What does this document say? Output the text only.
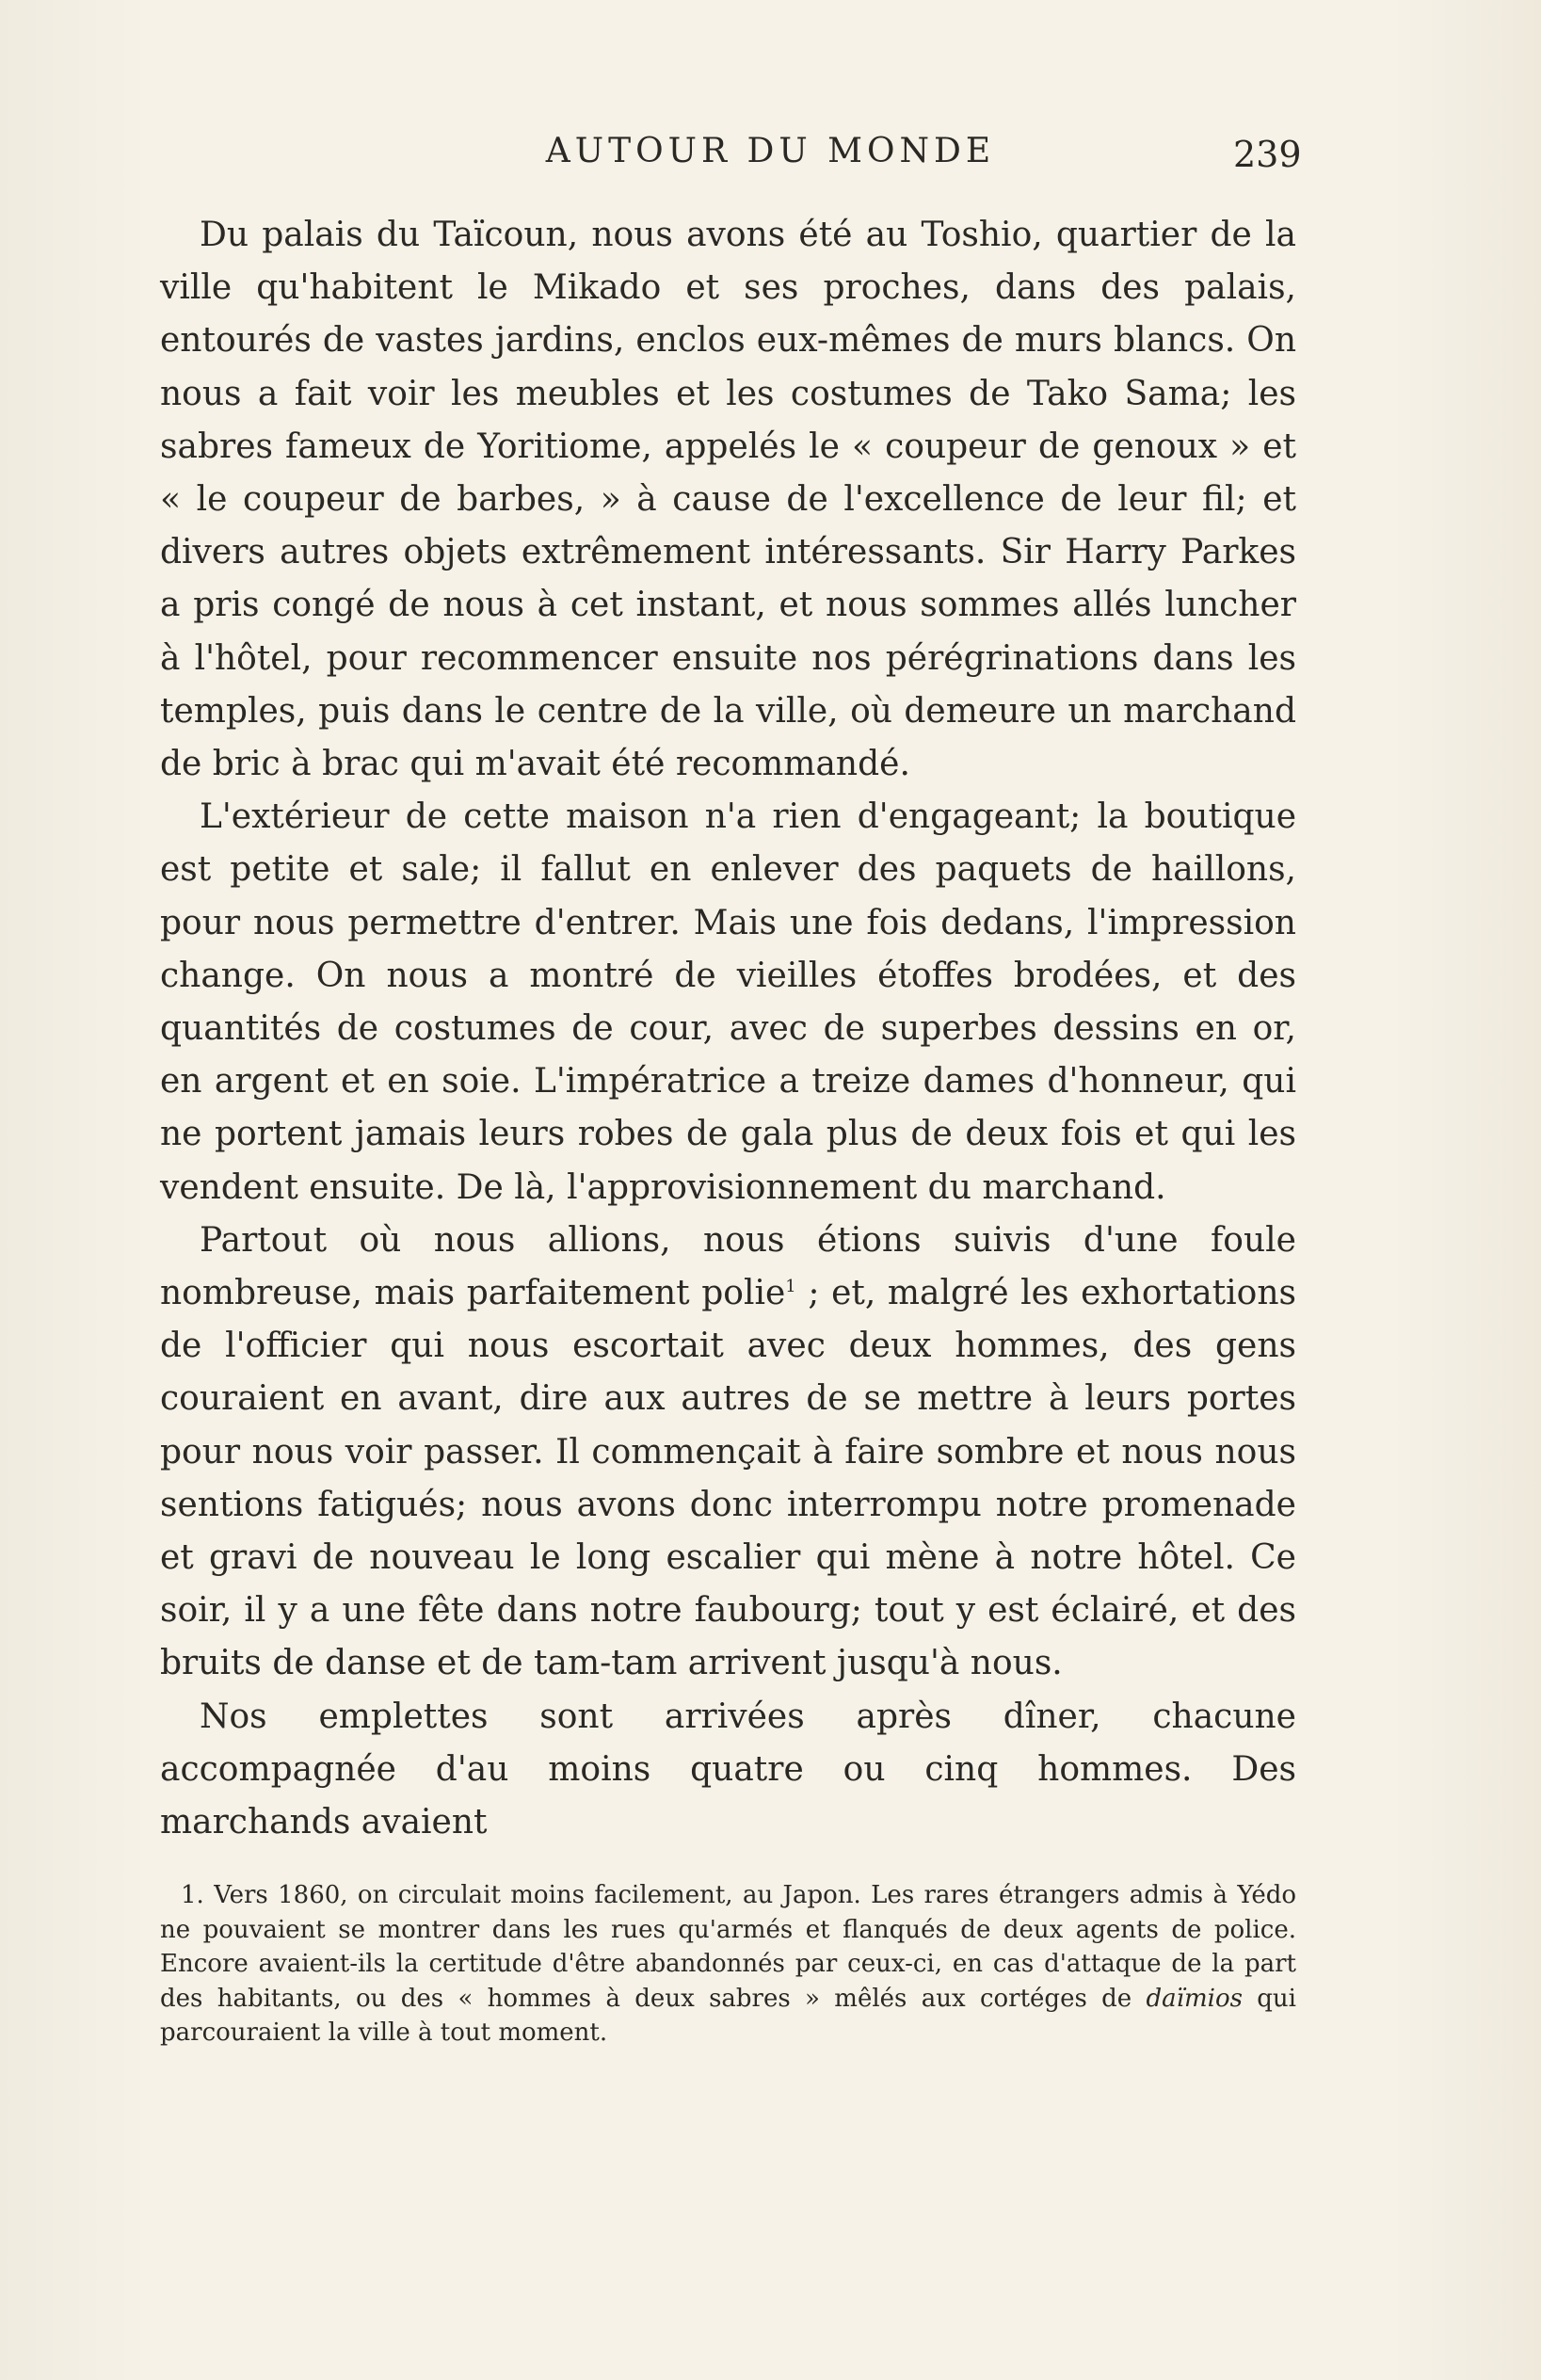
AUTOUR DU MONDE	239

Du palais du Taïcoun, nous avons été au Toshio, quartier de la ville qu'habitent le Mikado et ses proches, dans des palais, entourés de vastes jardins, enclos eux-mêmes de murs blancs. On nous a fait voir les meubles et les costumes de Tako Sama; les sabres fameux de Yoritiome, appelés le « coupeur de genoux » et « le coupeur de barbes, » à cause de l'excellence de leur fil; et divers autres objets extrêmement intéressants. Sir Harry Parkes a pris congé de nous à cet instant, et nous sommes allés luncher à l'hôtel, pour recommencer ensuite nos pérégrinations dans les temples, puis dans le centre de la ville, où demeure un marchand de bric à brac qui m'avait été recommandé.

L'extérieur de cette maison n'a rien d'engageant; la boutique est petite et sale; il fallut en enlever des paquets de haillons, pour nous permettre d'entrer. Mais une fois dedans, l'impression change. On nous a montré de vieilles étoffes brodées, et des quantités de costumes de cour, avec de superbes dessins en or, en argent et en soie. L'impératrice a treize dames d'honneur, qui ne portent jamais leurs robes de gala plus de deux fois et qui les vendent ensuite. De là, l'approvisionnement du marchand.

Partout où nous allions, nous étions suivis d'une foule nombreuse, mais parfaitement polie$^1$ ; et, malgré les exhortations de l'officier qui nous escortait avec deux hommes, des gens couraient en avant, dire aux autres de se mettre à leurs portes pour nous voir passer. Il commençait à faire sombre et nous nous sentions fatigués; nous avons donc interrompu notre promenade et gravi de nouveau le long escalier qui mène à notre hôtel. Ce soir, il y a une fête dans notre faubourg; tout y est éclairé, et des bruits de danse et de tam-tam arrivent jusqu'à nous.

Nos emplettes sont arrivées après dîner, chacune accompagnée d'au moins quatre ou cinq hommes. Des marchands avaient

1. Vers 1860, on circulait moins facilement, au Japon. Les rares étrangers admis à Yédo ne pouvaient se montrer dans les rues qu'armés et flanqués de deux agents de police. Encore avaient-ils la certitude d'être abandonnés par ceux-ci, en cas d'attaque de la part des habitants, ou des « hommes à deux sabres » mêlés aux cortéges de daïmios qui parcouraient la ville à tout moment.
